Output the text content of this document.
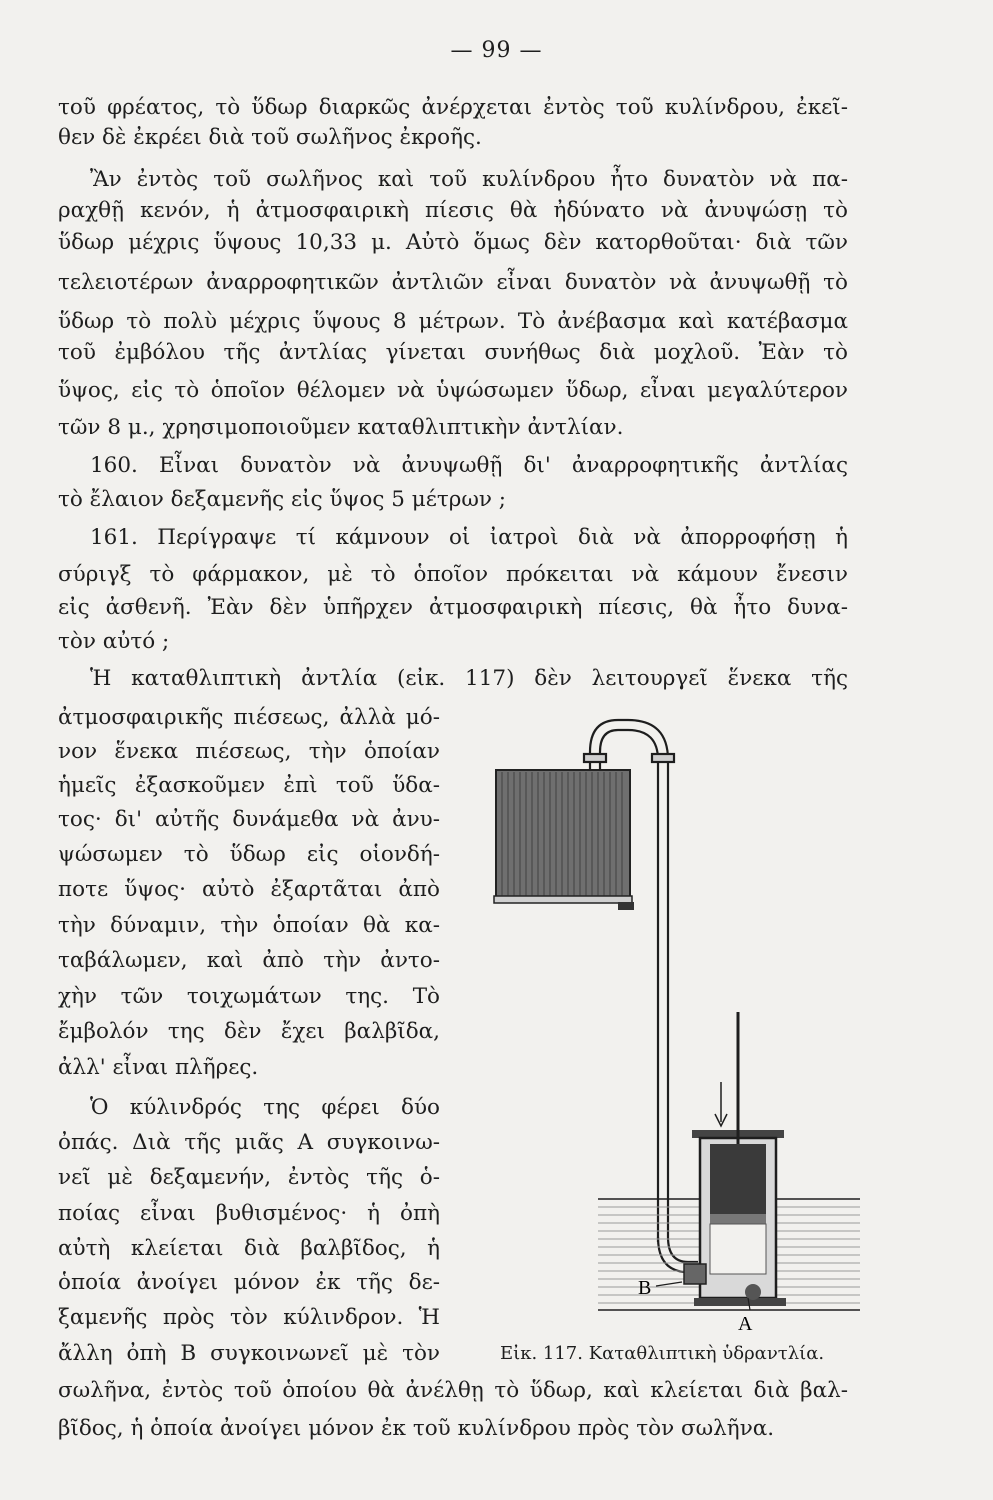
— 99 —
τοῦ φρέατος, τὸ ὕδωρ διαρκῶς ἀνέρχεται ἐντὸς τοῦ κυλίνδρου, ἐκεῖ-
θεν δὲ ἐκρέει διὰ τοῦ σωλῆνος ἐκροῆς.
Ἂν ἐντὸς τοῦ σωλῆνος καὶ τοῦ κυλίνδρου ἦτο δυνατὸν νὰ πα-
ραχθῇ κενόν, ἡ ἀτμοσφαιρικὴ πίεσις θὰ ἠδύνατο νὰ ἀνυψώσῃ τὸ
ὕδωρ μέχρις ὕψους 10,33 μ. Αὐτὸ ὅμως δὲν κατορθοῦται· διὰ τῶν
τελειοτέρων ἀναρροφητικῶν ἀντλιῶν εἶναι δυνατὸν νὰ ἀνυψωθῇ τὸ
ὕδωρ τὸ πολὺ μέχρις ὕψους 8 μέτρων. Τὸ ἀνέβασμα καὶ κατέβασμα
τοῦ ἐμβόλου τῆς ἀντλίας γίνεται συνήθως διὰ μοχλοῦ. Ἐὰν τὸ
ὕψος, εἰς τὸ ὁποῖον θέλομεν νὰ ὑψώσωμεν ὕδωρ, εἶναι μεγαλύτερον
τῶν 8 μ., χρησιμοποιοῦμεν καταθλιπτικὴν ἀντλίαν.
160. Εἶναι δυνατὸν νὰ ἀνυψωθῇ δι' ἀναρροφητικῆς ἀντλίας
τὸ ἔλαιον δεξαμενῆς εἰς ὕψος 5 μέτρων ;
161. Περίγραψε τί κάμνουν οἱ ἰατροὶ διὰ νὰ ἀπορροφήσῃ ἡ
σύριγξ τὸ φάρμακον, μὲ τὸ ὁποῖον πρόκειται νὰ κάμουν ἔνεσιν
εἰς ἀσθενῆ. Ἐὰν δὲν ὑπῆρχεν ἀτμοσφαιρικὴ πίεσις, θὰ ἦτο δυνα-
τὸν αὐτό ;
Ἡ καταθλιπτικὴ ἀντλία (εἰκ. 117) δὲν λειτουργεῖ ἕνεκα τῆς
ἀτμοσφαιρικῆς πιέσεως, ἀλλὰ μό-
νον ἕνεκα πιέσεως, τὴν ὁποίαν
ἡμεῖς ἐξασκοῦμεν ἐπὶ τοῦ ὕδα-
τος· δι' αὐτῆς δυνάμεθα νὰ ἀνυ-
ψώσωμεν τὸ ὕδωρ εἰς οἱονδή-
ποτε ὕψος· αὐτὸ ἐξαρτᾶται ἀπὸ
τὴν δύναμιν, τὴν ὁποίαν θὰ κα-
ταβάλωμεν, καὶ ἀπὸ τὴν ἀντο-
χὴν τῶν τοιχωμάτων της. Τὸ
ἔμβολόν της δὲν ἔχει βαλβῖδα,
ἀλλ' εἶναι πλῆρες.
Ὁ κύλινδρός της φέρει δύο
ὀπάς. Διὰ τῆς μιᾶς Α συγκοινω-
νεῖ μὲ δεξαμενήν, ἐντὸς τῆς ὁ-
ποίας εἶναι βυθισμένος· ἡ ὀπὴ
αὐτὴ κλείεται διὰ βαλβῖδος, ἡ
ὁποία ἀνοίγει μόνον ἐκ τῆς δε-
ξαμενῆς πρὸς τὸν κύλινδρον. Ἡ
ἄλλη ὀπὴ Β συγκοινωνεῖ μὲ τὸν
σωλῆνα, ἐντὸς τοῦ ὁποίου θὰ ἀνέλθῃ τὸ ὕδωρ, καὶ κλείεται διὰ βαλ-
βῖδος, ἡ ὁποία ἀνοίγει μόνον ἐκ τοῦ κυλίνδρου πρὸς τὸν σωλῆνα.
B
A
Εἰκ. 117. Καταθλιπτικὴ ὑδραντλία.
